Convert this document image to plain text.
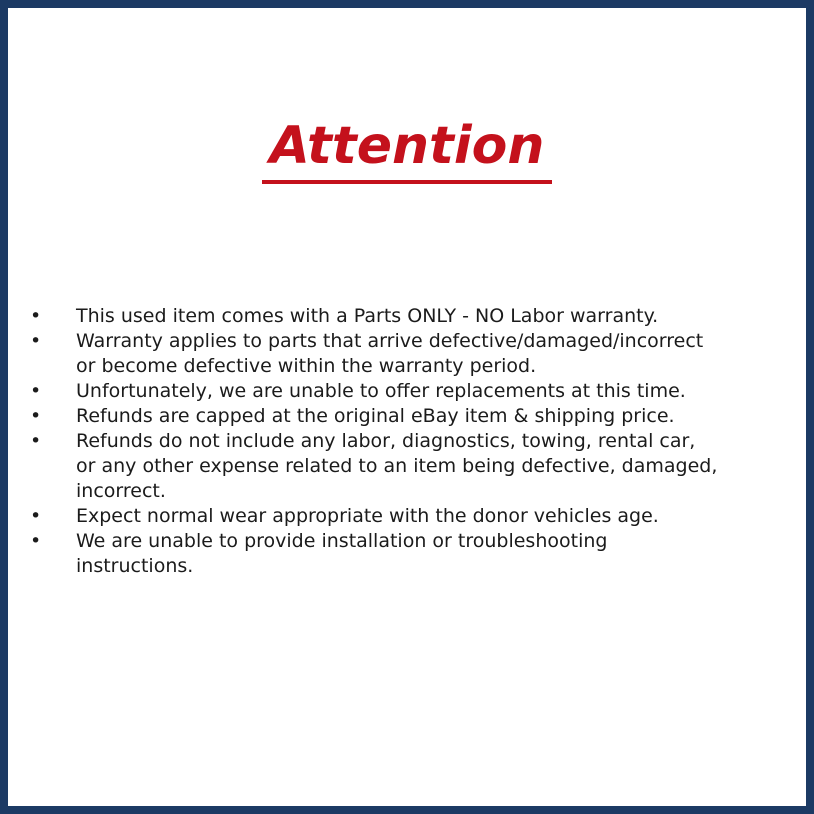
Attention
•	This used item comes with a Parts ONLY - NO Labor warranty.
•	Warranty applies to parts that arrive defective/damaged/incorrect
or become defective within the warranty period.
•	Unfortunately, we are unable to offer replacements at this time.
•	Refunds are capped at the original eBay item & shipping price.
•	Refunds do not include any labor, diagnostics, towing, rental car,
or any other expense related to an item being defective, damaged,
incorrect.
•	Expect normal wear appropriate with the donor vehicles age.
•	We are unable to provide installation or troubleshooting
instructions.
